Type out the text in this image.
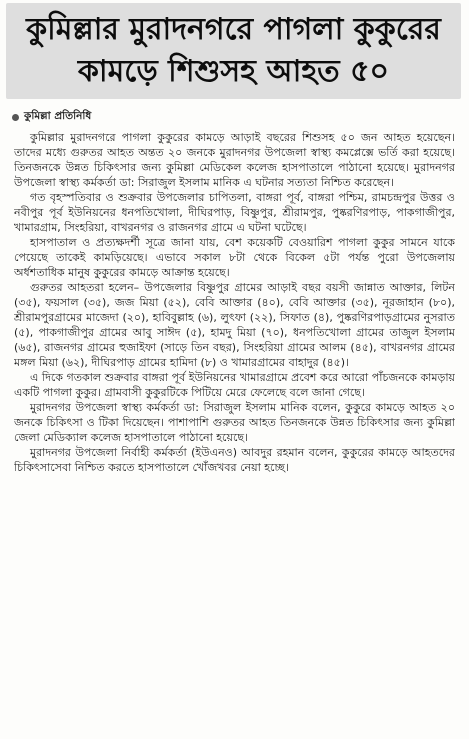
কুমিল্লার মুরাদনগরে পাগলা কুকুরের কামড়ে শিশুসহ আহত ৫০
কুমিল্লা প্রতিনিধি

কুমিল্লার মুরাদনগরে পাগলা কুকুরের কামড়ে আড়াই বছরের শিশুসহ ৫০ জন আহত হয়েছেন। তাদের মধ্যে গুরুতর আহত অন্তত ২০ জনকে মুরাদনগর উপজেলা স্বাস্থ্য কমপ্লেক্সে ভর্তি করা হয়েছে। তিনজনকে উন্নত চিকিৎসার জন্য কুমিল্লা মেডিকেল কলেজ হাসপাতালে পাঠানো হয়েছে। মুরাদনগর উপজেলা স্বাস্থ্য কর্মকর্তা ডা: সিরাজুল ইসলাম মানিক এ ঘটনার সত্যতা নিশ্চিত করেছেন।

গত বৃহস্পতিবার ও শুক্রবার উপজেলার চাপিতলা, বাঙ্গরা পূর্ব, বাঙ্গরা পশ্চিম, রামচন্দ্রপুর উত্তর ও নবীপুর পূর্ব ইউনিয়নের ধনপতিখোলা, দীঘিরপাড়, বিষ্ণুপুর, শ্রীরামপুর, পুষ্করণিরপাড়, পাকগাজীপুর, খামারগ্রাম, সিংহরিয়া, বাখরনগর ও রাজনগর গ্রামে এ ঘটনা ঘটেছে।

হাসপাতাল ও প্রত্যক্ষদর্শী সূত্রে জানা যায়, বেশ কয়েকটি বেওয়ারিশ পাগলা কুকুর সামনে যাকে পেয়েছে তাকেই কামড়িয়েছে। এভাবে সকাল ৮টা থেকে বিকেল ৫টা পর্যন্ত পুরো উপজেলায় অর্ধশতাধিক মানুষ কুকুরের কামড়ে আক্রান্ত হয়েছে।

গুরুতর আহতরা হলেন– উপজেলার বিষ্ণুপুর গ্রামের আড়াই বছর বয়সী জান্নাত আক্তার, লিটন (৩৫), ফয়সাল (৩৫), জজ মিয়া (৫২), বেবি আক্তার (৪০), বেবি আক্তার (৩৫), নূরজাহান (৮০), শ্রীরামপুরগ্রামের মাজেদা (২০), হাবিবুল্লাহ (৬), লুৎফা (২২), সিফাত (৪), পুষ্করণিরপাড়গ্রামের নুসরাত (৫), পাকগাজীপুর গ্রামের আবু সাঈদ (৫), হামদু মিয়া (৭০), ধনপতিখোলা গ্রামের তাজুল ইসলাম (৬৫), রাজনগর গ্রামের হুজাইফা (সাড়ে তিন বছর), সিংহরিয়া গ্রামের আলম (৪৫), বাখরনগর গ্রামের মঙ্গল মিয়া (৬২), দীঘিরপাড় গ্রামের হামিদা (৮) ও খামারগ্রামের বাহাদুর (৪৫)।

এ দিকে গতকাল শুক্রবার বাঙ্গরা পূর্ব ইউনিয়নের খামারগ্রামে প্রবেশ করে আরো পাঁচজনকে কামড়ায় একটি পাগলা কুকুর। গ্রামবাসী কুকুরটিকে পিটিয়ে মেরে ফেলেছে বলে জানা গেছে।

মুরাদনগর উপজেলা স্বাস্থ্য কর্মকর্তা ডা: সিরাজুল ইসলাম মানিক বলেন, কুকুরে কামড়ে আহত ২০ জনকে চিকিৎসা ও টিকা দিয়েছেন। পাশাপাশি গুরুতর আহত তিনজনকে উন্নত চিকিৎসার জন্য কুমিল্লা জেলা মেডিক্যাল কলেজ হাসপাতালে পাঠানো হয়েছে।

মুরাদনগর উপজেলা নির্বাহী কর্মকর্তা (ইউএনও) আবদুর রহমান বলেন, কুকুরের কামড়ে আহতদের চিকিৎসাসেবা নিশ্চিত করতে হাসপাতালে খোঁজখবর নেয়া হচ্ছে।
